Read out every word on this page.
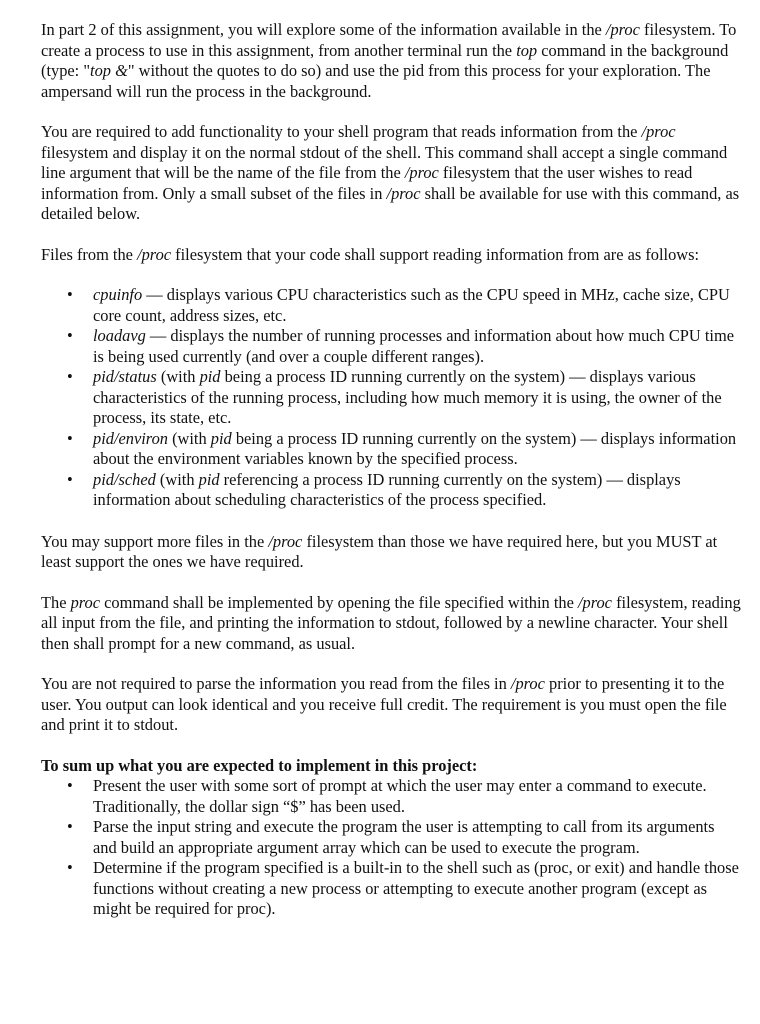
In part 2 of this assignment, you will explore some of the information available in the /proc filesystem. To create a process to use in this assignment, from another terminal run the top command in the background (type: "top &" without the quotes to do so) and use the pid from this process for your exploration. The ampersand will run the process in the background.

You are required to add functionality to your shell program that reads information from the /proc filesystem and display it on the normal stdout of the shell. This command shall accept a single command line argument that will be the name of the file from the /proc filesystem that the user wishes to read information from. Only a small subset of the files in /proc shall be available for use with this command, as detailed below.

Files from the /proc filesystem that your code shall support reading information from are as follows:

• cpuinfo — displays various CPU characteristics such as the CPU speed in MHz, cache size, CPU core count, address sizes, etc.
• loadavg — displays the number of running processes and information about how much CPU time is being used currently (and over a couple different ranges).
• pid/status (with pid being a process ID running currently on the system) — displays various characteristics of the running process, including how much memory it is using, the owner of the process, its state, etc.
• pid/environ (with pid being a process ID running currently on the system) — displays information about the environment variables known by the specified process.
• pid/sched (with pid referencing a process ID running currently on the system) — displays information about scheduling characteristics of the process specified.

You may support more files in the /proc filesystem than those we have required here, but you MUST at least support the ones we have required.

The proc command shall be implemented by opening the file specified within the /proc filesystem, reading all input from the file, and printing the information to stdout, followed by a newline character. Your shell then shall prompt for a new command, as usual.

You are not required to parse the information you read from the files in /proc prior to presenting it to the user. You output can look identical and you receive full credit. The requirement is you must open the file and print it to stdout.

To sum up what you are expected to implement in this project:

• Present the user with some sort of prompt at which the user may enter a command to execute. Traditionally, the dollar sign “$” has been used.
• Parse the input string and execute the program the user is attempting to call from its arguments and build an appropriate argument array which can be used to execute the program.
• Determine if the program specified is a built-in to the shell such as (proc, or exit) and handle those functions without creating a new process or attempting to execute another program (except as might be required for proc).
